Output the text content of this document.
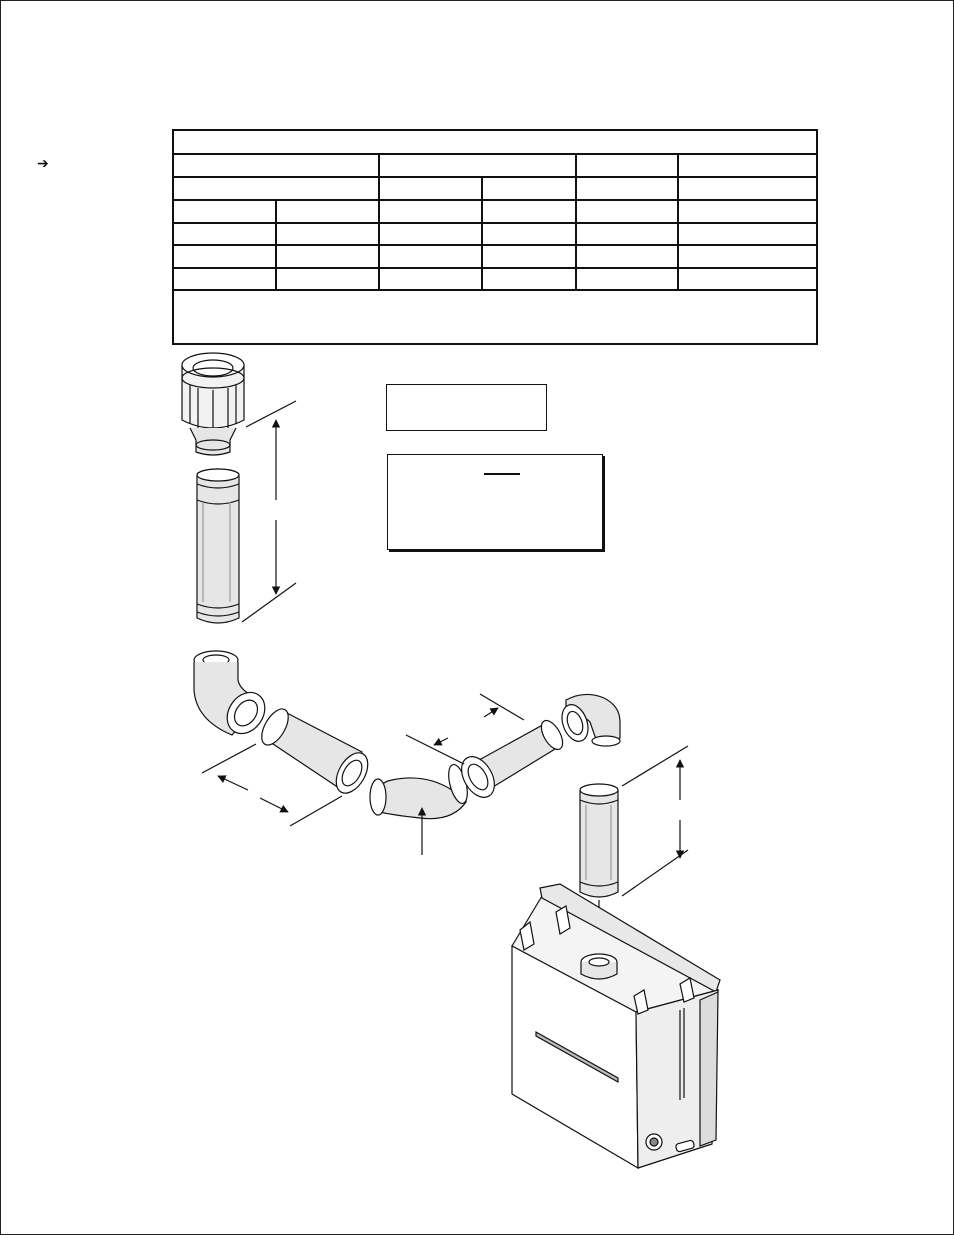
➔
